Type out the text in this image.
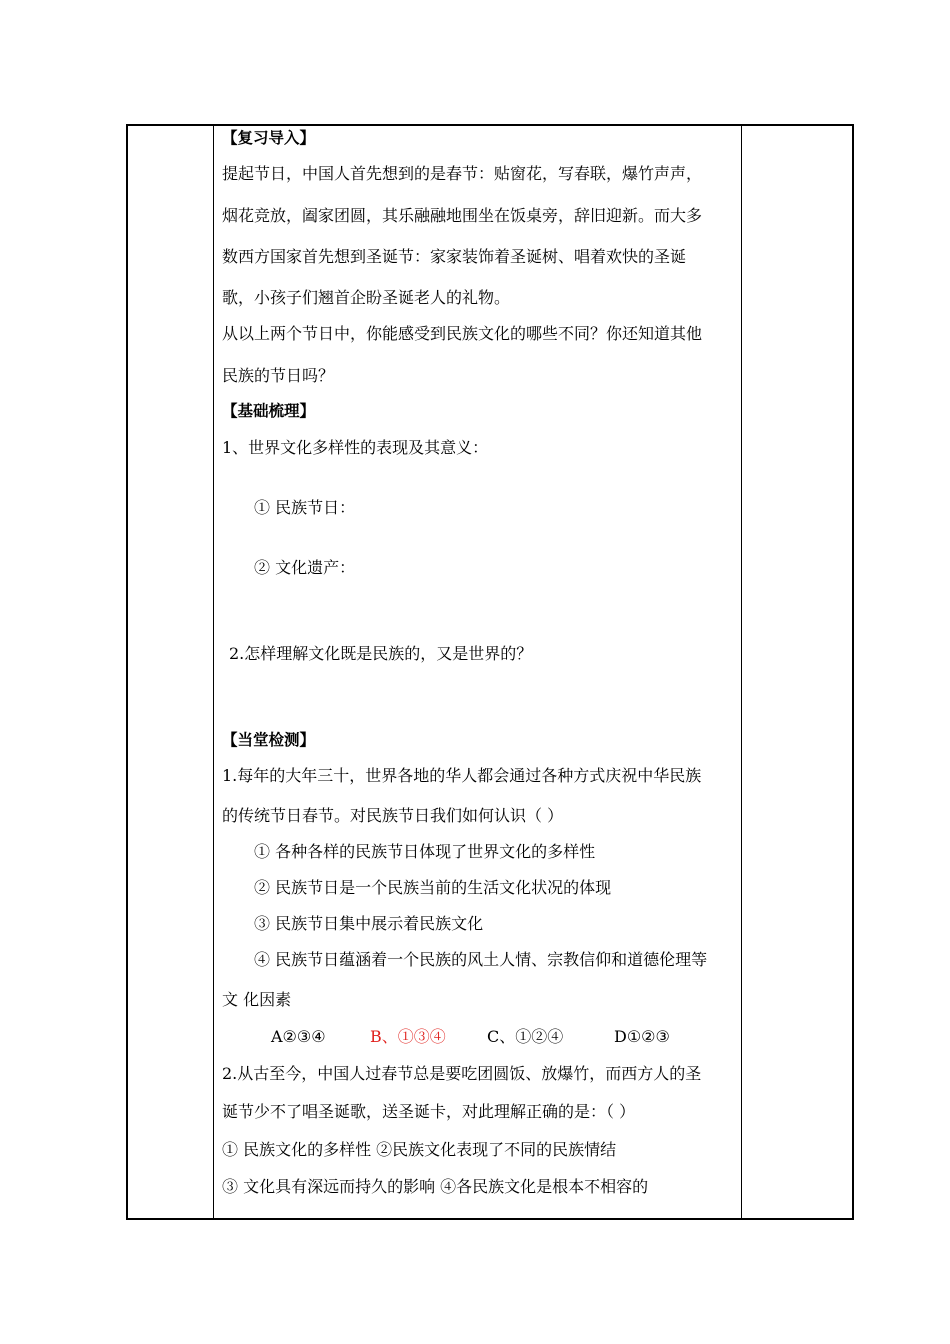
【复习导入】
提起节日，中国人首先想到的是春节：贴窗花，写春联，爆竹声声，
烟花竞放，阖家团圆，其乐融融地围坐在饭桌旁，辞旧迎新。而大多
数西方国家首先想到圣诞节：家家装饰着圣诞树、唱着欢快的圣诞
歌，小孩子们翘首企盼圣诞老人的礼物。
从以上两个节日中，你能感受到民族文化的哪些不同？你还知道其他
民族的节日吗？
【基础梳理】
1、世界文化多样性的表现及其意义：
① 民族节日：
② 文化遗产：
2.怎样理解文化既是民族的，又是世界的？
【当堂检测】
1.每年的大年三十，世界各地的华人都会通过各种方式庆祝中华民族
的传统节日春节。对民族节日我们如何认识（ ）
① 各种各样的民族节日体现了世界文化的多样性
② 民族节日是一个民族当前的生活文化状况的体现
③ 民族节日集中展示着民族文化
④ 民族节日蕴涵着一个民族的风土人情、宗教信仰和道德伦理等
文 化因素
A②③④	B、①③④	C、①②④	D①②③
2.从古至今，中国人过春节总是要吃团圆饭、放爆竹，而西方人的圣
诞节少不了唱圣诞歌，送圣诞卡，对此理解正确的是：（ ）
① 民族文化的多样性 ②民族文化表现了不同的民族情结
③ 文化具有深远而持久的影响 ④各民族文化是根本不相容的
